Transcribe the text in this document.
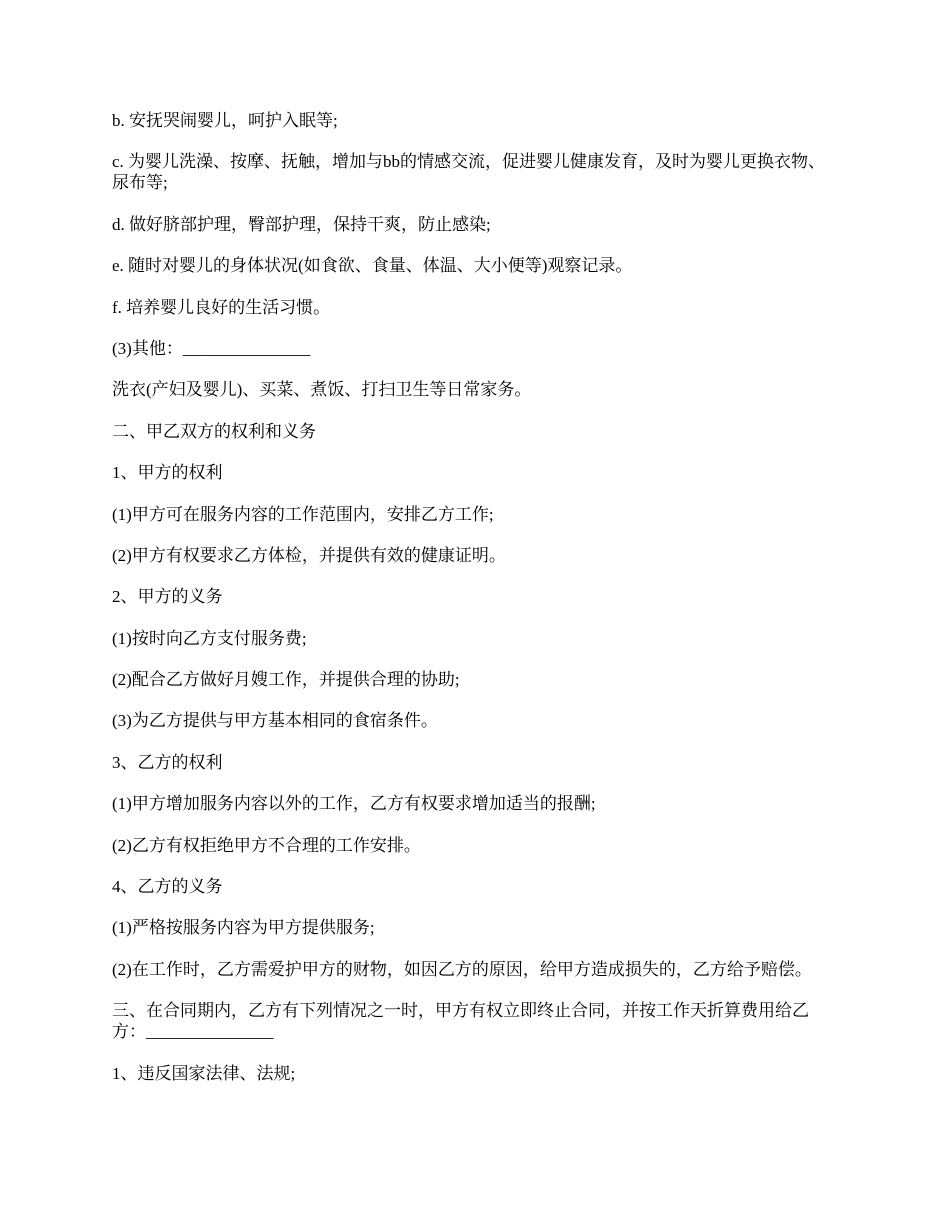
b. 安抚哭闹婴儿，呵护入眠等;

c. 为婴儿洗澡、按摩、抚触，增加与bb的情感交流，促进婴儿健康发育，及时为婴儿更换衣物、尿布等;

d. 做好脐部护理，臀部护理，保持干爽，防止感染;

e. 随时对婴儿的身体状况(如食欲、食量、体温、大小便等)观察记录。

f. 培养婴儿良好的生活习惯。

(3)其他：_______________

洗衣(产妇及婴儿)、买菜、煮饭、打扫卫生等日常家务。

二、甲乙双方的权利和义务

1、甲方的权利

(1)甲方可在服务内容的工作范围内，安排乙方工作;

(2)甲方有权要求乙方体检，并提供有效的健康证明。

2、甲方的义务

(1)按时向乙方支付服务费;

(2)配合乙方做好月嫂工作，并提供合理的协助;

(3)为乙方提供与甲方基本相同的食宿条件。

3、乙方的权利

(1)甲方增加服务内容以外的工作，乙方有权要求增加适当的报酬;

(2)乙方有权拒绝甲方不合理的工作安排。

4、乙方的义务

(1)严格按服务内容为甲方提供服务;

(2)在工作时，乙方需爱护甲方的财物，如因乙方的原因，给甲方造成损失的，乙方给予赔偿。

三、在合同期内，乙方有下列情况之一时，甲方有权立即终止合同，并按工作天折算费用给乙方：_______________

1、违反国家法律、法规;
